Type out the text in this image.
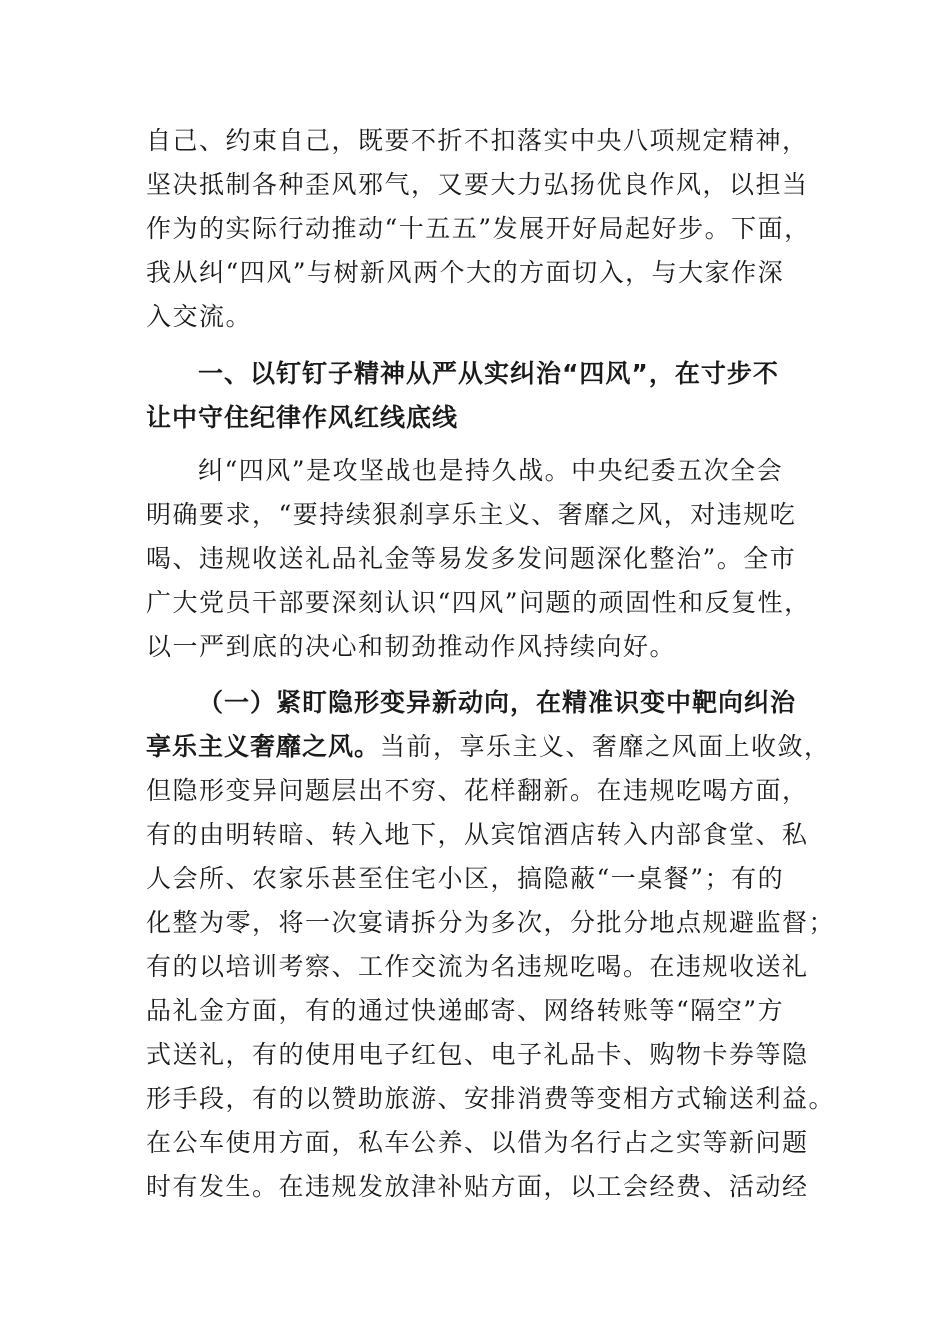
自己、约束自己，既要不折不扣落实中央八项规定精神，
坚决抵制各种歪风邪气，又要大力弘扬优良作风，以担当
作为的实际行动推动“十五五”发展开好局起好步。下面，
我从纠“四风”与树新风两个大的方面切入，与大家作深
入交流。
一、以钉钉子精神从严从实纠治“四风”，在寸步不
让中守住纪律作风红线底线
纠“四风”是攻坚战也是持久战。中央纪委五次全会
明确要求，“要持续狠刹享乐主义、奢靡之风，对违规吃
喝、违规收送礼品礼金等易发多发问题深化整治”。全市
广大党员干部要深刻认识“四风”问题的顽固性和反复性，
以一严到底的决心和韧劲推动作风持续向好。
（一）紧盯隐形变异新动向，在精准识变中靶向纠治
享乐主义奢靡之风。当前，享乐主义、奢靡之风面上收敛，
但隐形变异问题层出不穷、花样翻新。在违规吃喝方面，
有的由明转暗、转入地下，从宾馆酒店转入内部食堂、私
人会所、农家乐甚至住宅小区，搞隐蔽“一桌餐”；有的
化整为零，将一次宴请拆分为多次，分批分地点规避监督；
有的以培训考察、工作交流为名违规吃喝。在违规收送礼
品礼金方面，有的通过快递邮寄、网络转账等“隔空”方
式送礼，有的使用电子红包、电子礼品卡、购物卡券等隐
形手段，有的以赞助旅游、安排消费等变相方式输送利益。
在公车使用方面，私车公养、以借为名行占之实等新问题
时有发生。在违规发放津补贴方面，以工会经费、活动经
